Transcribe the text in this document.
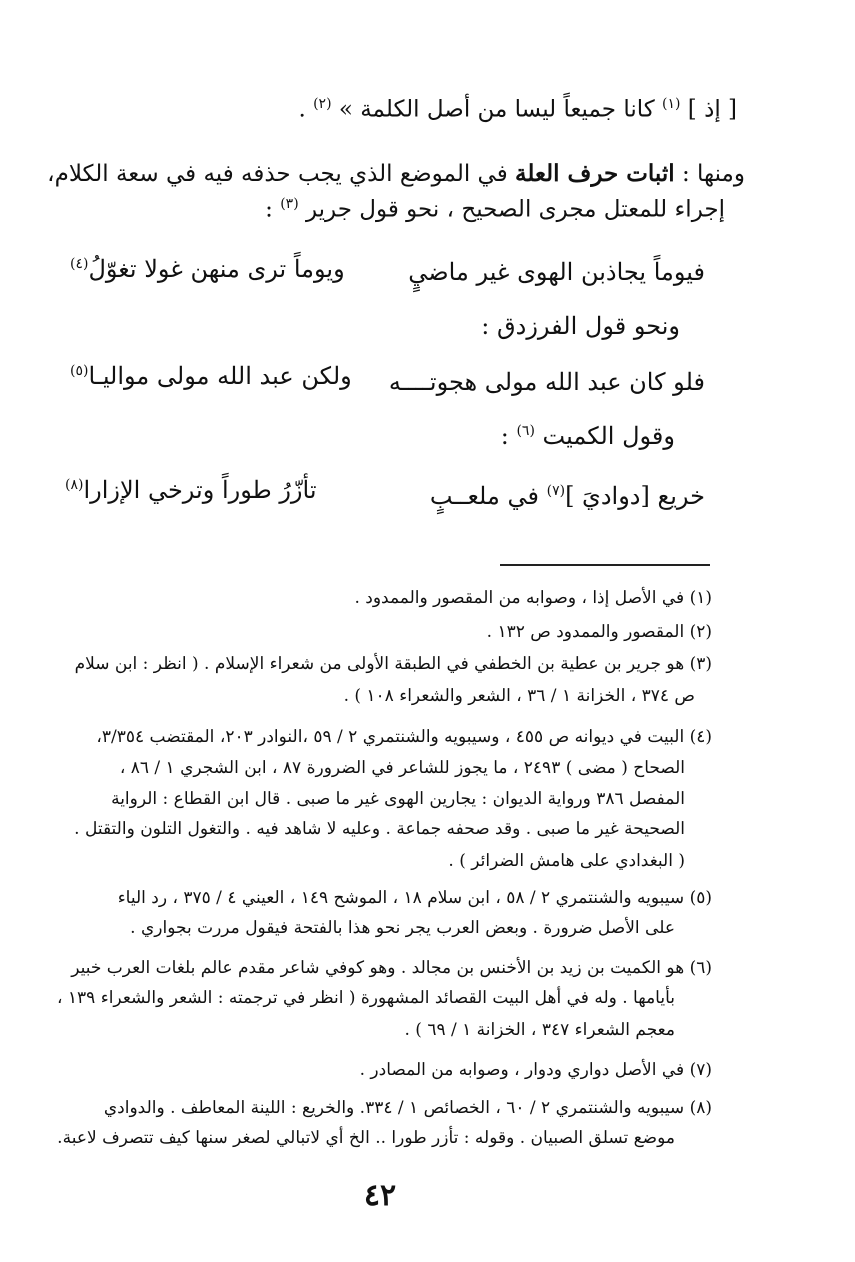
[ إذ ] $^{(١)}$ كانا جميعاً ليسا من أصل الكلمة » $^{(٢)}$ .
ومنها : اثبات حرف العلة في الموضع الذي يجب حذفه فيه في سعة الكلام،
إجراء للمعتل مجرى الصحيح ، نحو قول جرير $^{(٣)}$ :
فيوماً يجاذبن الهوى غير ماضيٍ
ويوماً ترى منهن غولا تغوّلُ$^{(٤)}$
ونحو قول الفرزدق :
فلو كان عبد الله مولى هجوتــــه
ولكن عبد الله مولى مواليـا$^{(٥)}$
وقول الكميت $^{(٦)}$ :
خريع [دواديَ ]$^{(٧)}$ في ملعــبٍ
تأزّرُ طوراً وترخي الإزارا$^{(٨)}$
(١) في الأصل إذا ، وصوابه من المقصور والممدود .
(٢) المقصور والممدود ص ١٣٢ .
(٣) هو جرير بن عطية بن الخطفي في الطبقة الأولى من شعراء الإسلام . ( انظر : ابن سلام
ص ٣٧٤ ، الخزانة ١ / ٣٦ ، الشعر والشعراء ١٠٨ ) .
(٤) البيت في ديوانه ص ٤٥٥ ، وسيبويه والشنتمري ٢ / ٥٩ ،النوادر ٢٠٣، المقتضب ٣/٣٥٤،
الصحاح ( مضى ) ٢٤٩٣ ، ما يجوز للشاعر في الضرورة ٨٧ ، ابن الشجري ١ / ٨٦ ،
المفصل ٣٨٦ ورواية الديوان : يجارين الهوى غير ما صبى . قال ابن القطاع : الرواية
الصحيحة غير ما صبى . وقد صحفه جماعة . وعليه لا شاهد فيه . والتغول التلون والتقتل .
( البغدادي على هامش الضرائر ) .
(٥) سيبويه والشنتمري ٢ / ٥٨ ، ابن سلام ١٨ ، الموشح ١٤٩ ، العيني ٤ / ٣٧٥ ، رد الياء
على الأصل ضرورة . وبعض العرب يجر نحو هذا بالفتحة فيقول مررت بجواري .
(٦) هو الكميت بن زيد بن الأخنس بن مجالد . وهو كوفي شاعر مقدم عالم بلغات العرب خبير
بأيامها . وله في أهل البيت القصائد المشهورة ( انظر في ترجمته : الشعر والشعراء ١٣٩ ،
معجم الشعراء ٣٤٧ ، الخزانة ١ / ٦٩ ) .
(٧) في الأصل دواري ودوار ، وصوابه من المصادر .
(٨) سيبويه والشنتمري ٢ / ٦٠ ، الخصائص ١ / ٣٣٤. والخريع : اللينة المعاطف . والدوادي
موضع تسلق الصبيان . وقوله : تأزر طورا .. الخ أي لاتبالي لصغر سنها كيف تتصرف لاعبة.
٤٢
